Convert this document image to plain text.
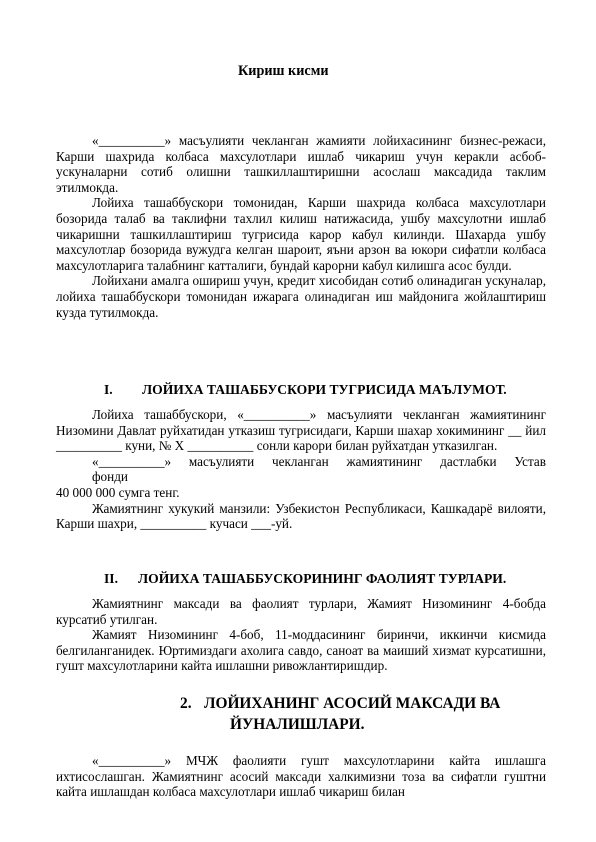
Кириш кисми

«__________» масъулияти чекланган жамияти лойихасининг бизнес-режаси, Карши шахрида колбаса махсулотлари ишлаб чикариш учун керакли асбоб-ускуналарни сотиб олишни ташкиллаштиришни асослаш максадида таклим этилмокда.

Лойиха ташаббускори томонидан, Карши шахрида колбаса махсулотлари бозорида талаб ва таклифни тахлил килиш натижасида, ушбу махсулотни ишлаб чикаришни ташкиллаштириш тугрисида карор кабул килинди. Шахарда ушбу махсулотлар бозорида вужудга келган шароит, яъни арзон ва юкори сифатли колбаса махсулотларига талабнинг катталиги, бундай карорни кабул килишга асос булди.

Лойихани амалга ошириш учун, кредит хисобидан сотиб олинадиган ускуналар, лойиха ташаббускори томонидан ижарага олинадиган иш майдонига жойлаштириш кузда тутилмокда.

I. ЛОЙИХА ТАШАББУСКОРИ ТУГРИСИДА МАЪЛУМОТ.

Лойиха ташаббускори, «__________» масъулияти чекланган жамиятининг Низомини Давлат руйхатидан утказиш тугрисидаги, Карши шахар хокимининг __ йил __________ куни, № Х __________ сонли карори билан руйхатдан утказилган.

«__________» масъулияти чекланган жамиятининг дастлабки Устав

фонди

40 000 000 сумга тенг.

Жамиятнинг хукукий манзили: Узбекистон Республикаси, Кашкадарё вилояти, Карши шахри, __________ кучаси ___-уй.

II. ЛОЙИХА ТАШАББУСКОРИНИНГ ФАОЛИЯТ ТУРЛАРИ.

Жамиятнинг максади ва фаолият турлари, Жамият Низомининг 4-бобда курсатиб утилган.

Жамият Низомининг 4-боб, 11-моддасининг биринчи, иккинчи кисмида белгиланганидек. Юртимиздаги ахолига савдо, саноат ва маиший хизмат курсатишни, гушт махсулотларини кайта ишлашни ривожлантиришдир.

2. ЛОЙИХАНИНГ АСОСИЙ МАКСАДИ ВА
ЙУНАЛИШЛАРИ.

«__________» МЧЖ фаолияти гушт махсулотларини кайта ишлашга ихтисослашган. Жамиятнинг асосий максади халкимизни тоза ва сифатли гуштни кайта ишлашдан колбаса махсулотлари ишлаб чикариш билан
